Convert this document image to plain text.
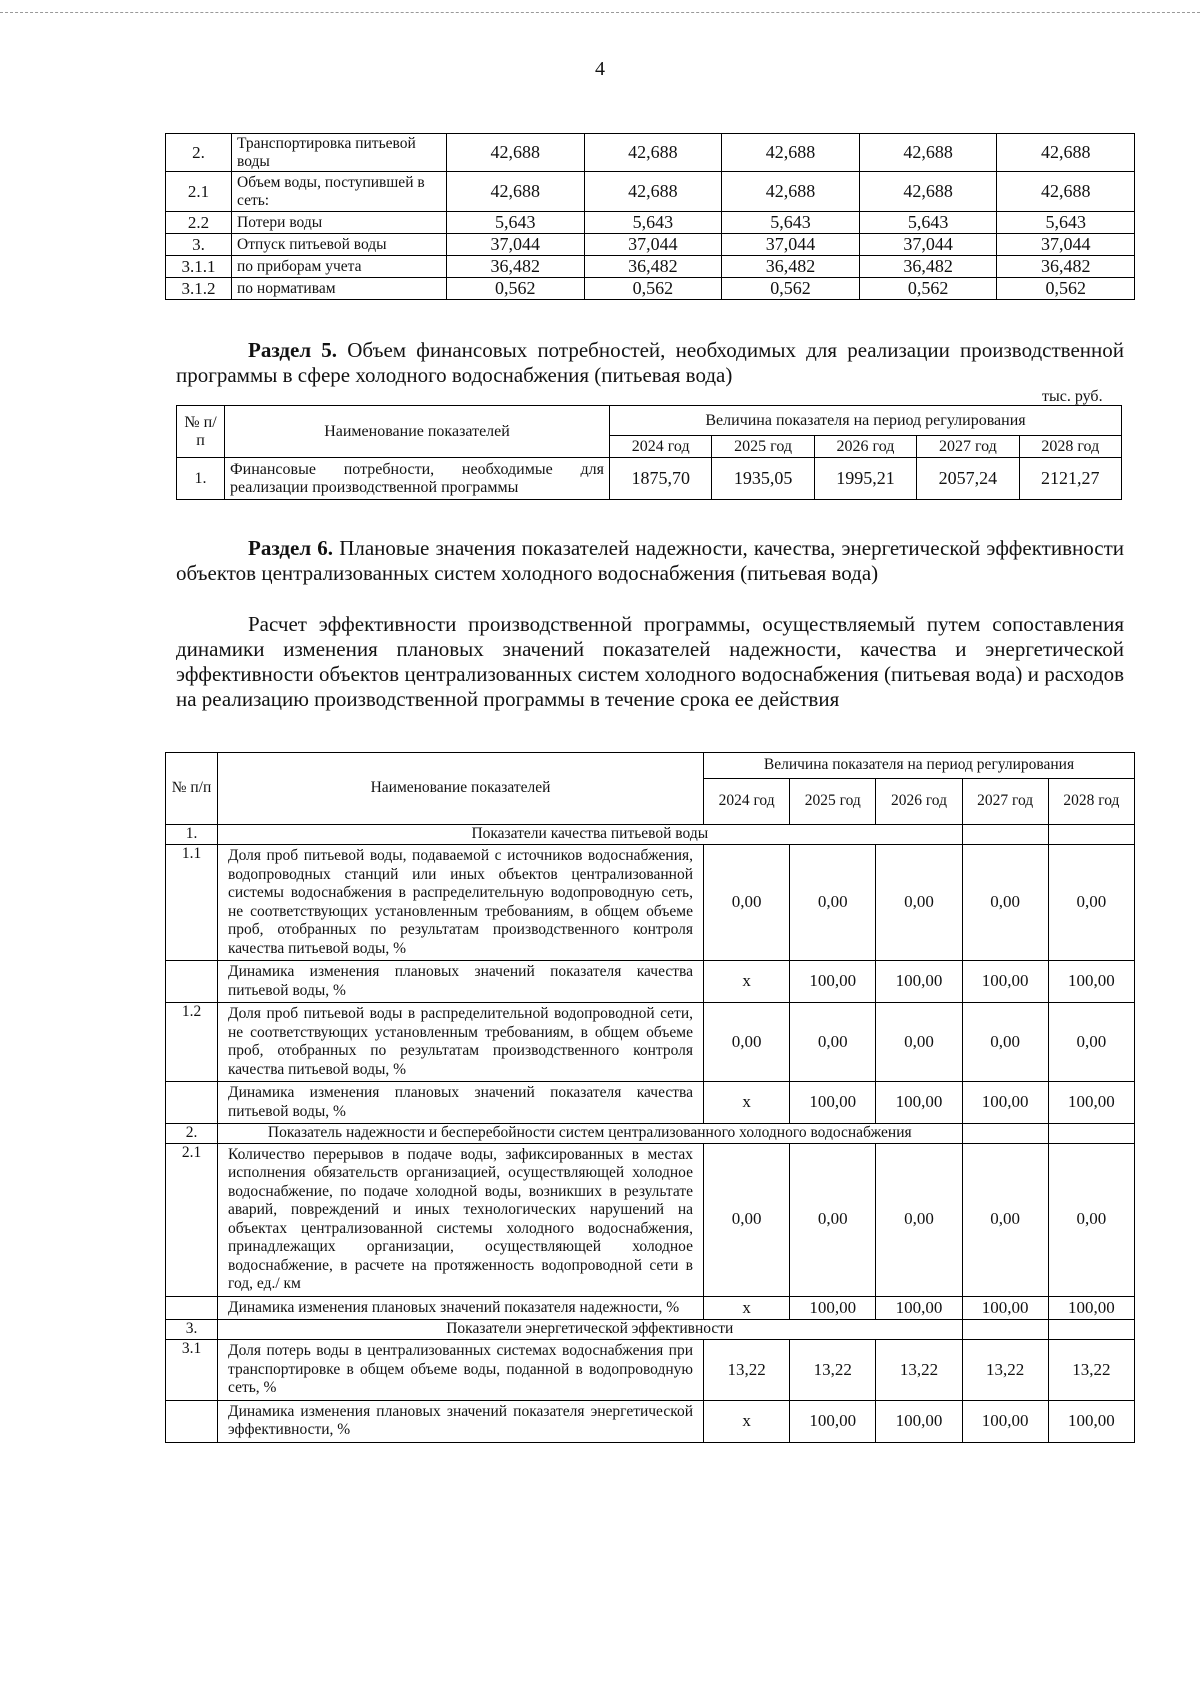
4
2.	Транспортировка питьевой воды	42,688	42,688	42,688	42,688	42,688
2.1	Объем воды, поступившей в сеть:	42,688	42,688	42,688	42,688	42,688
2.2	Потери воды	5,643	5,643	5,643	5,643	5,643
3.	Отпуск питьевой воды	37,044	37,044	37,044	37,044	37,044
3.1.1	по приборам учета	36,482	36,482	36,482	36,482	36,482
3.1.2	по нормативам	0,562	0,562	0,562	0,562	0,562
Раздел 5. Объем финансовых потребностей, необходимых для реализации производственной программы в сфере холодного водоснабжения (питьевая вода)
тыс. руб.
№ п/п	Наименование показателей	Величина показателя на период регулирования				
		2024 год	2025 год	2026 год	2027 год	2028 год
1.	Финансовые потребности, необходимые для реализации производственной программы	1875,70	1935,05	1995,21	2057,24	2121,27
Раздел 6. Плановые значения показателей надежности, качества, энергетической эффективности объектов централизованных систем холодного водоснабжения (питьевая вода)
Расчет эффективности производственной программы, осуществляемый путем сопоставления динамики изменения плановых значений показателей надежности, качества и энергетической эффективности объектов централизованных систем холодного водоснабжения (питьевая вода) и расходов на реализацию производственной программы в течение срока ее действия
№ п/п	Наименование показателей	Величина показателя на период регулирования				
		2024 год	2025 год	2026 год	2027 год	2028 год
1.	Показатели качества питьевой воды					
1.1	Доля проб питьевой воды, подаваемой с источников водоснабжения, водопроводных станций или иных объектов централизованной системы водоснабжения в распределительную водопроводную сеть, не соответствующих установленным требованиям, в общем объеме проб, отобранных по результатам производственного контроля качества питьевой воды, %	0,00	0,00	0,00	0,00	0,00
	Динамика изменения плановых значений показателя качества питьевой воды, %	х	100,00	100,00	100,00	100,00
1.2	Доля проб питьевой воды в распределительной водопроводной сети, не соответствующих установленным требованиям, в общем объеме проб, отобранных по результатам производственного контроля качества питьевой воды, %	0,00	0,00	0,00	0,00	0,00
	Динамика изменения плановых значений показателя качества питьевой воды, %	х	100,00	100,00	100,00	100,00
2.	Показатель надежности и бесперебойности систем централизованного холодного водоснабжения					
2.1	Количество перерывов в подаче воды, зафиксированных в местах исполнения обязательств организацией, осуществляющей холодное водоснабжение, по подаче холодной воды, возникших в результате аварий, повреждений и иных технологических нарушений на объектах централизованной системы холодного водоснабжения, принадлежащих организации, осуществляющей холодное водоснабжение, в расчете на протяженность водопроводной сети в год, ед./ км	0,00	0,00	0,00	0,00	0,00
	Динамика изменения плановых значений показателя надежности, %	х	100,00	100,00	100,00	100,00
3.	Показатели энергетической эффективности					
3.1	Доля потерь воды в централизованных системах водоснабжения при транспортировке в общем объеме воды, поданной в водопроводную сеть, %	13,22	13,22	13,22	13,22	13,22
	Динамика изменения плановых значений показателя энергетической эффективности, %	х	100,00	100,00	100,00	100,00
